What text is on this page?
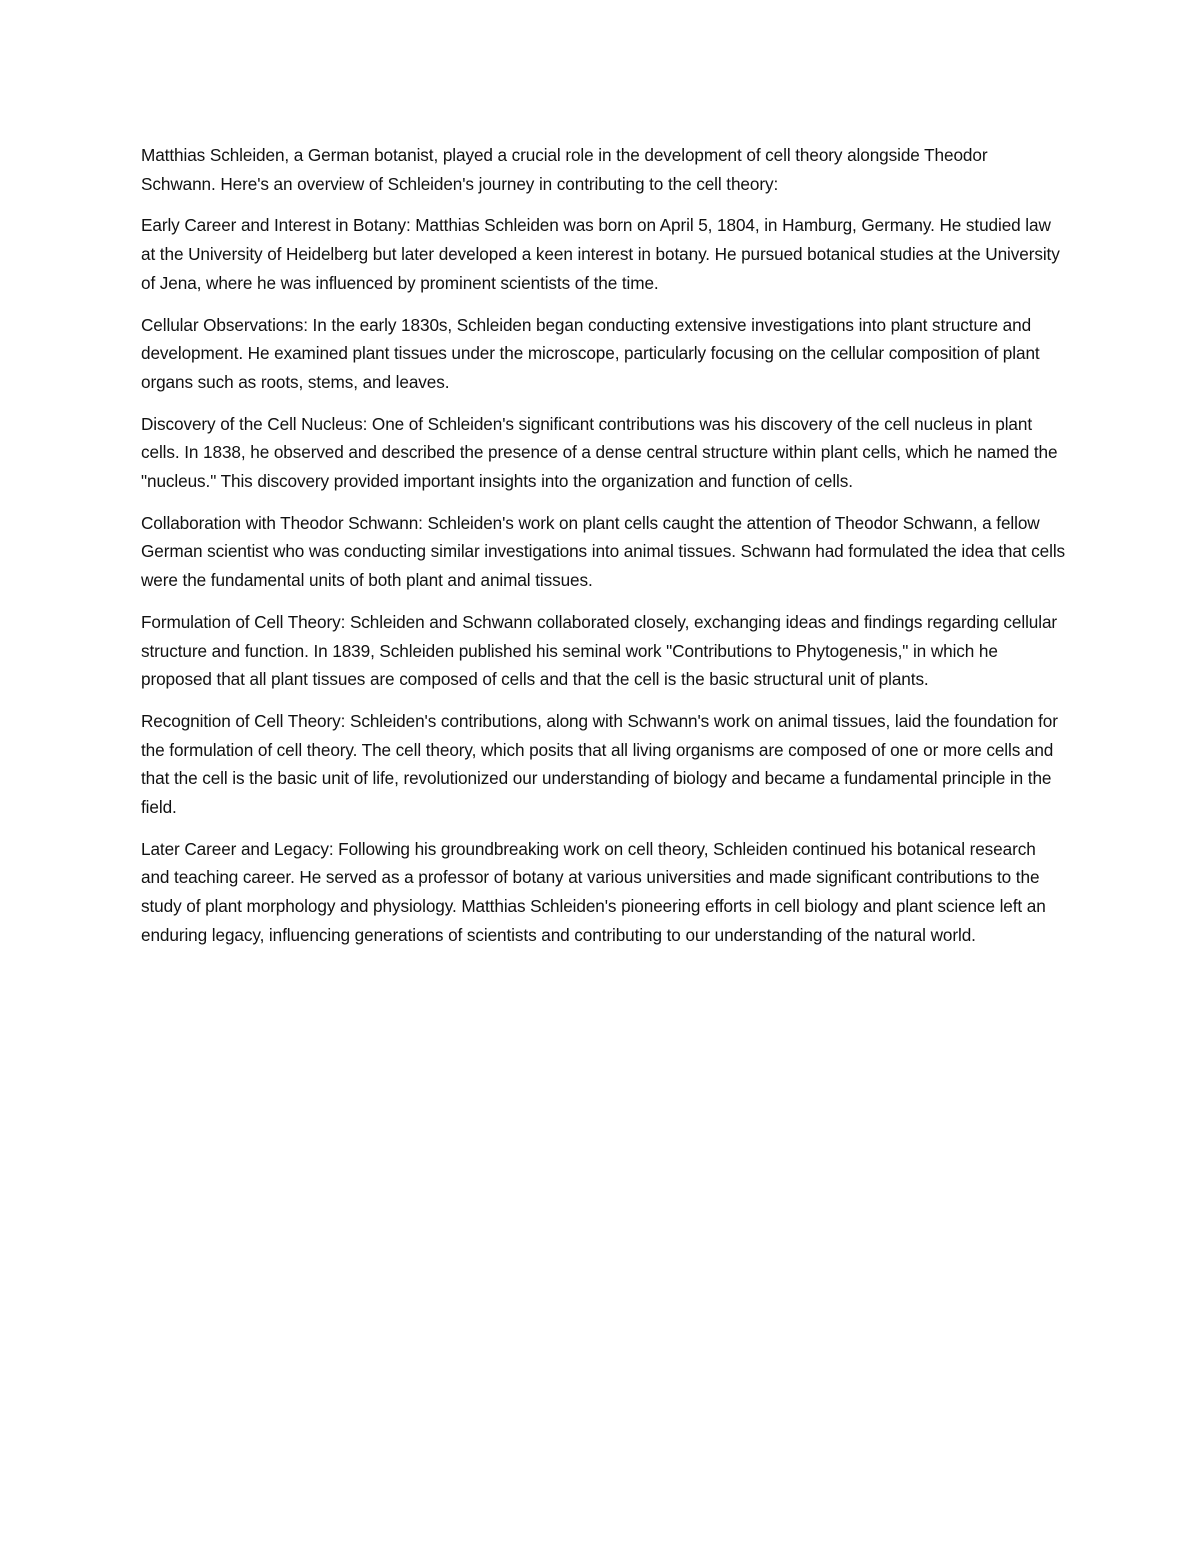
Matthias Schleiden, a German botanist, played a crucial role in the development of cell theory alongside Theodor Schwann. Here's an overview of Schleiden's journey in contributing to the cell theory:

Early Career and Interest in Botany: Matthias Schleiden was born on April 5, 1804, in Hamburg, Germany. He studied law at the University of Heidelberg but later developed a keen interest in botany. He pursued botanical studies at the University of Jena, where he was influenced by prominent scientists of the time.

Cellular Observations: In the early 1830s, Schleiden began conducting extensive investigations into plant structure and development. He examined plant tissues under the microscope, particularly focusing on the cellular composition of plant organs such as roots, stems, and leaves.

Discovery of the Cell Nucleus: One of Schleiden's significant contributions was his discovery of the cell nucleus in plant cells. In 1838, he observed and described the presence of a dense central structure within plant cells, which he named the "nucleus." This discovery provided important insights into the organization and function of cells.

Collaboration with Theodor Schwann: Schleiden's work on plant cells caught the attention of Theodor Schwann, a fellow German scientist who was conducting similar investigations into animal tissues. Schwann had formulated the idea that cells were the fundamental units of both plant and animal tissues.

Formulation of Cell Theory: Schleiden and Schwann collaborated closely, exchanging ideas and findings regarding cellular structure and function. In 1839, Schleiden published his seminal work "Contributions to Phytogenesis," in which he proposed that all plant tissues are composed of cells and that the cell is the basic structural unit of plants.

Recognition of Cell Theory: Schleiden's contributions, along with Schwann's work on animal tissues, laid the foundation for the formulation of cell theory. The cell theory, which posits that all living organisms are composed of one or more cells and that the cell is the basic unit of life, revolutionized our understanding of biology and became a fundamental principle in the field.

Later Career and Legacy: Following his groundbreaking work on cell theory, Schleiden continued his botanical research and teaching career. He served as a professor of botany at various universities and made significant contributions to the study of plant morphology and physiology. Matthias Schleiden's pioneering efforts in cell biology and plant science left an enduring legacy, influencing generations of scientists and contributing to our understanding of the natural world.
